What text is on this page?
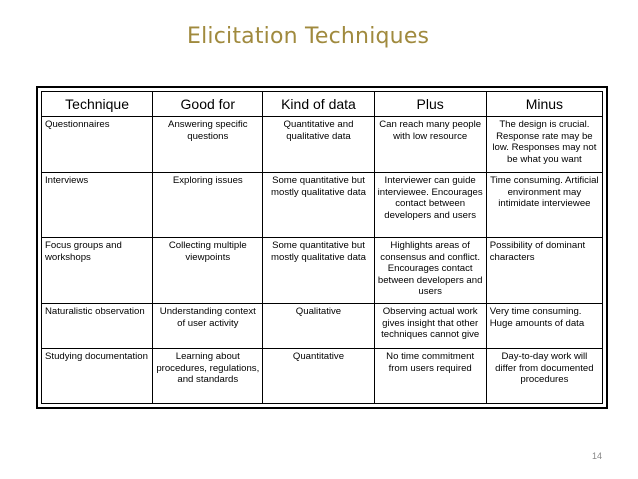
Elicitation Techniques
Technique	Good for	Kind of data	Plus	Minus
Questionnaires	Answering specific questions	Quantitative and qualitative data	Can reach many people with low resource	The design is crucial. Response rate may be low. Responses may not be what you want
Interviews	Exploring issues	Some quantitative but mostly qualitative data	Interviewer can guide interviewee. Encourages contact between developers and users	Time consuming. Artificial environment may intimidate interviewee
Focus groups and workshops	Collecting multiple viewpoints	Some quantitative but mostly qualitative data	Highlights areas of consensus and conflict. Encourages contact between developers and users	Possibility of dominant characters
Naturalistic observation	Understanding context of user activity	Qualitative	Observing actual work gives insight that other techniques cannot give	Very time consuming. Huge amounts of data
Studying documentation	Learning about procedures, regulations, and standards	Quantitative	No time commitment from users required	Day-to-day work will differ from documented procedures
14
